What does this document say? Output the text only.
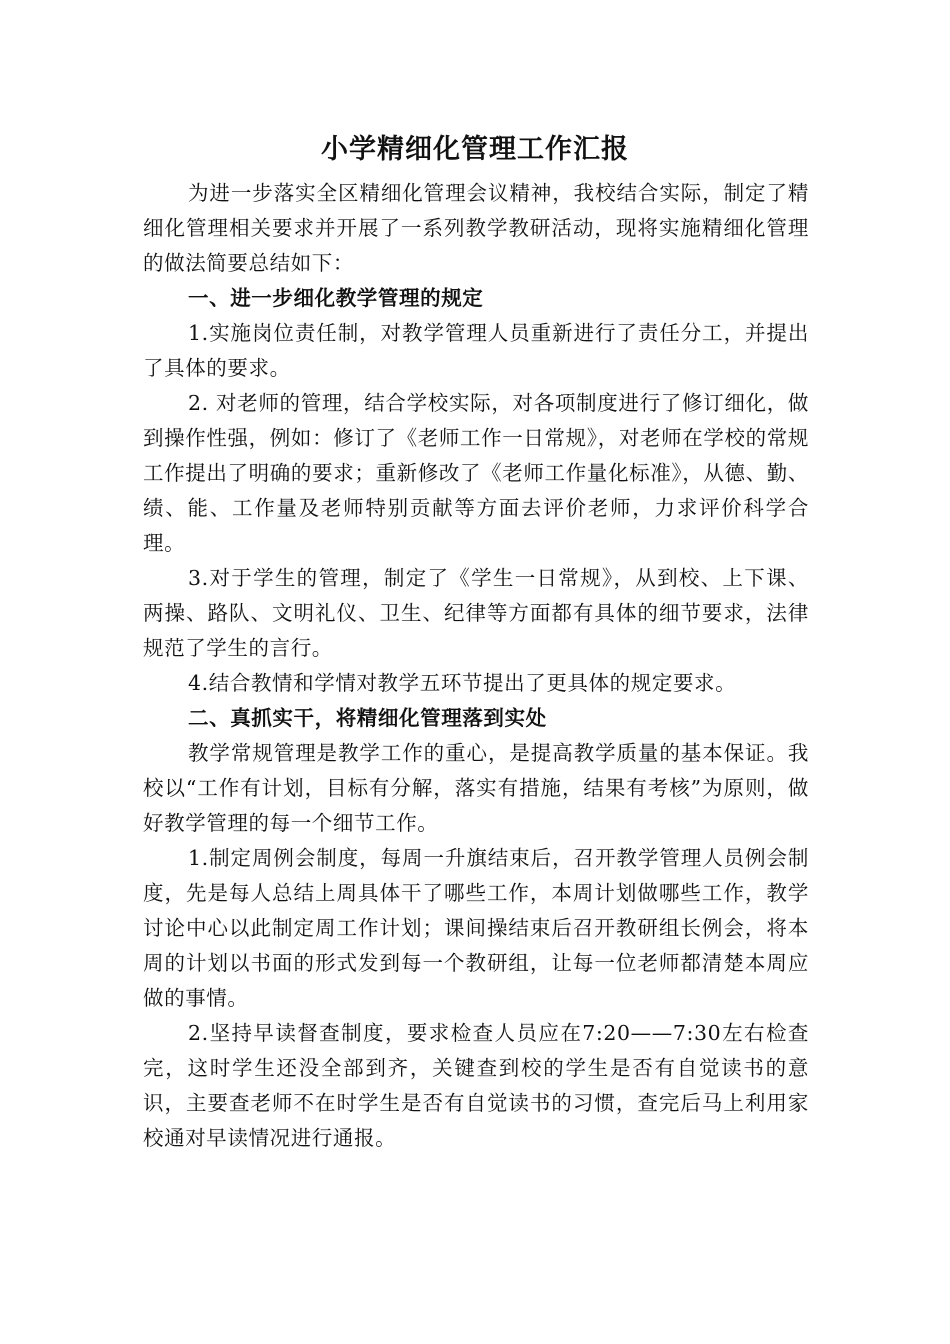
小学精细化管理工作汇报

为进一步落实全区精细化管理会议精神，我校结合实际，制定了精细化管理相关要求并开展了一系列教学教研活动，现将实施精细化管理的做法简要总结如下：

一、进一步细化教学管理的规定

1.实施岗位责任制，对教学管理人员重新进行了责任分工，并提出了具体的要求。

2. 对老师的管理，结合学校实际，对各项制度进行了修订细化，做到操作性强，例如：修订了《老师工作一日常规》，对老师在学校的常规工作提出了明确的要求；重新修改了《老师工作量化标准》，从德、勤、绩、能、工作量及老师特别贡献等方面去评价老师，力求评价科学合理。

3.对于学生的管理，制定了《学生一日常规》，从到校、上下课、两操、路队、文明礼仪、卫生、纪律等方面都有具体的细节要求，法律规范了学生的言行。

4.结合教情和学情对教学五环节提出了更具体的规定要求。

二、真抓实干，将精细化管理落到实处

教学常规管理是教学工作的重心，是提高教学质量的基本保证。我校以“工作有计划，目标有分解，落实有措施，结果有考核”为原则，做好教学管理的每一个细节工作。

1.制定周例会制度，每周一升旗结束后，召开教学管理人员例会制度，先是每人总结上周具体干了哪些工作，本周计划做哪些工作，教学讨论中心以此制定周工作计划；课间操结束后召开教研组长例会，将本周的计划以书面的形式发到每一个教研组，让每一位老师都清楚本周应做的事情。

2.坚持早读督查制度，要求检查人员应在7:20——7:30左右检查完，这时学生还没全部到齐，关键查到校的学生是否有自觉读书的意识，主要查老师不在时学生是否有自觉读书的习惯，查完后马上利用家校通对早读情况进行通报。
